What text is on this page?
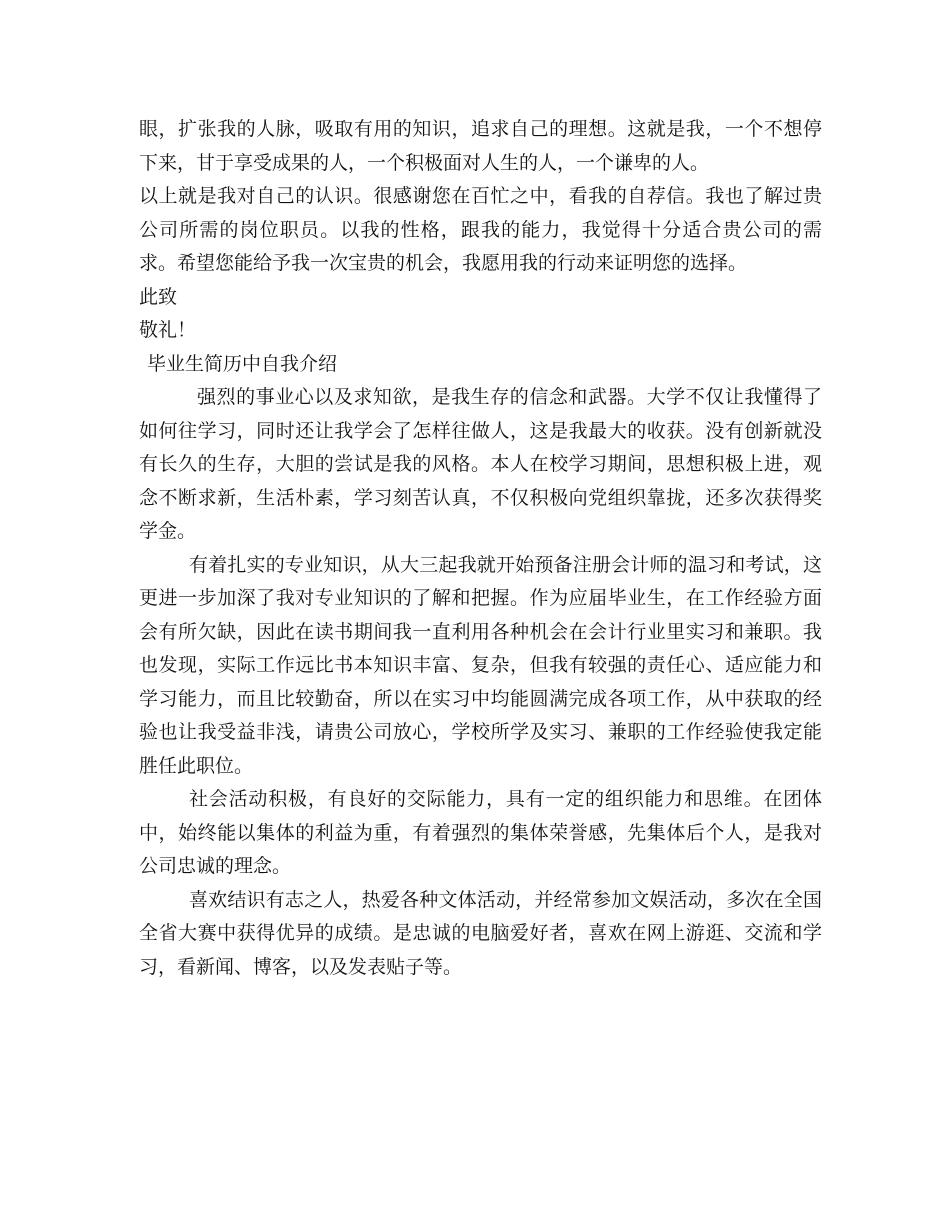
眼，扩张我的人脉，吸取有用的知识，追求自己的理想。这就是我，一个不想停下来，甘于享受成果的人，一个积极面对人生的人，一个谦卑的人。
以上就是我对自己的认识。很感谢您在百忙之中，看我的自荐信。我也了解过贵公司所需的岗位职员。以我的性格，跟我的能力，我觉得十分适合贵公司的需求。希望您能给予我一次宝贵的机会，我愿用我的行动来证明您的选择。
此致
敬礼！
毕业生简历中自我介绍
强烈的事业心以及求知欲，是我生存的信念和武器。大学不仅让我懂得了如何往学习，同时还让我学会了怎样往做人，这是我最大的收获。没有创新就没有长久的生存，大胆的尝试是我的风格。本人在校学习期间，思想积极上进，观念不断求新，生活朴素，学习刻苦认真，不仅积极向党组织靠拢，还多次获得奖学金。
有着扎实的专业知识，从大三起我就开始预备注册会计师的温习和考试，这更进一步加深了我对专业知识的了解和把握。作为应届毕业生，在工作经验方面会有所欠缺，因此在读书期间我一直利用各种机会在会计行业里实习和兼职。我也发现，实际工作远比书本知识丰富、复杂，但我有较强的责任心、适应能力和学习能力，而且比较勤奋，所以在实习中均能圆满完成各项工作，从中获取的经验也让我受益非浅，请贵公司放心，学校所学及实习、兼职的工作经验使我定能胜任此职位。
社会活动积极，有良好的交际能力，具有一定的组织能力和思维。在团体中，始终能以集体的利益为重，有着强烈的集体荣誉感，先集体后个人，是我对公司忠诚的理念。
喜欢结识有志之人，热爱各种文体活动，并经常参加文娱活动，多次在全国全省大赛中获得优异的成绩。是忠诚的电脑爱好者，喜欢在网上游逛、交流和学习，看新闻、博客，以及发表贴子等。
